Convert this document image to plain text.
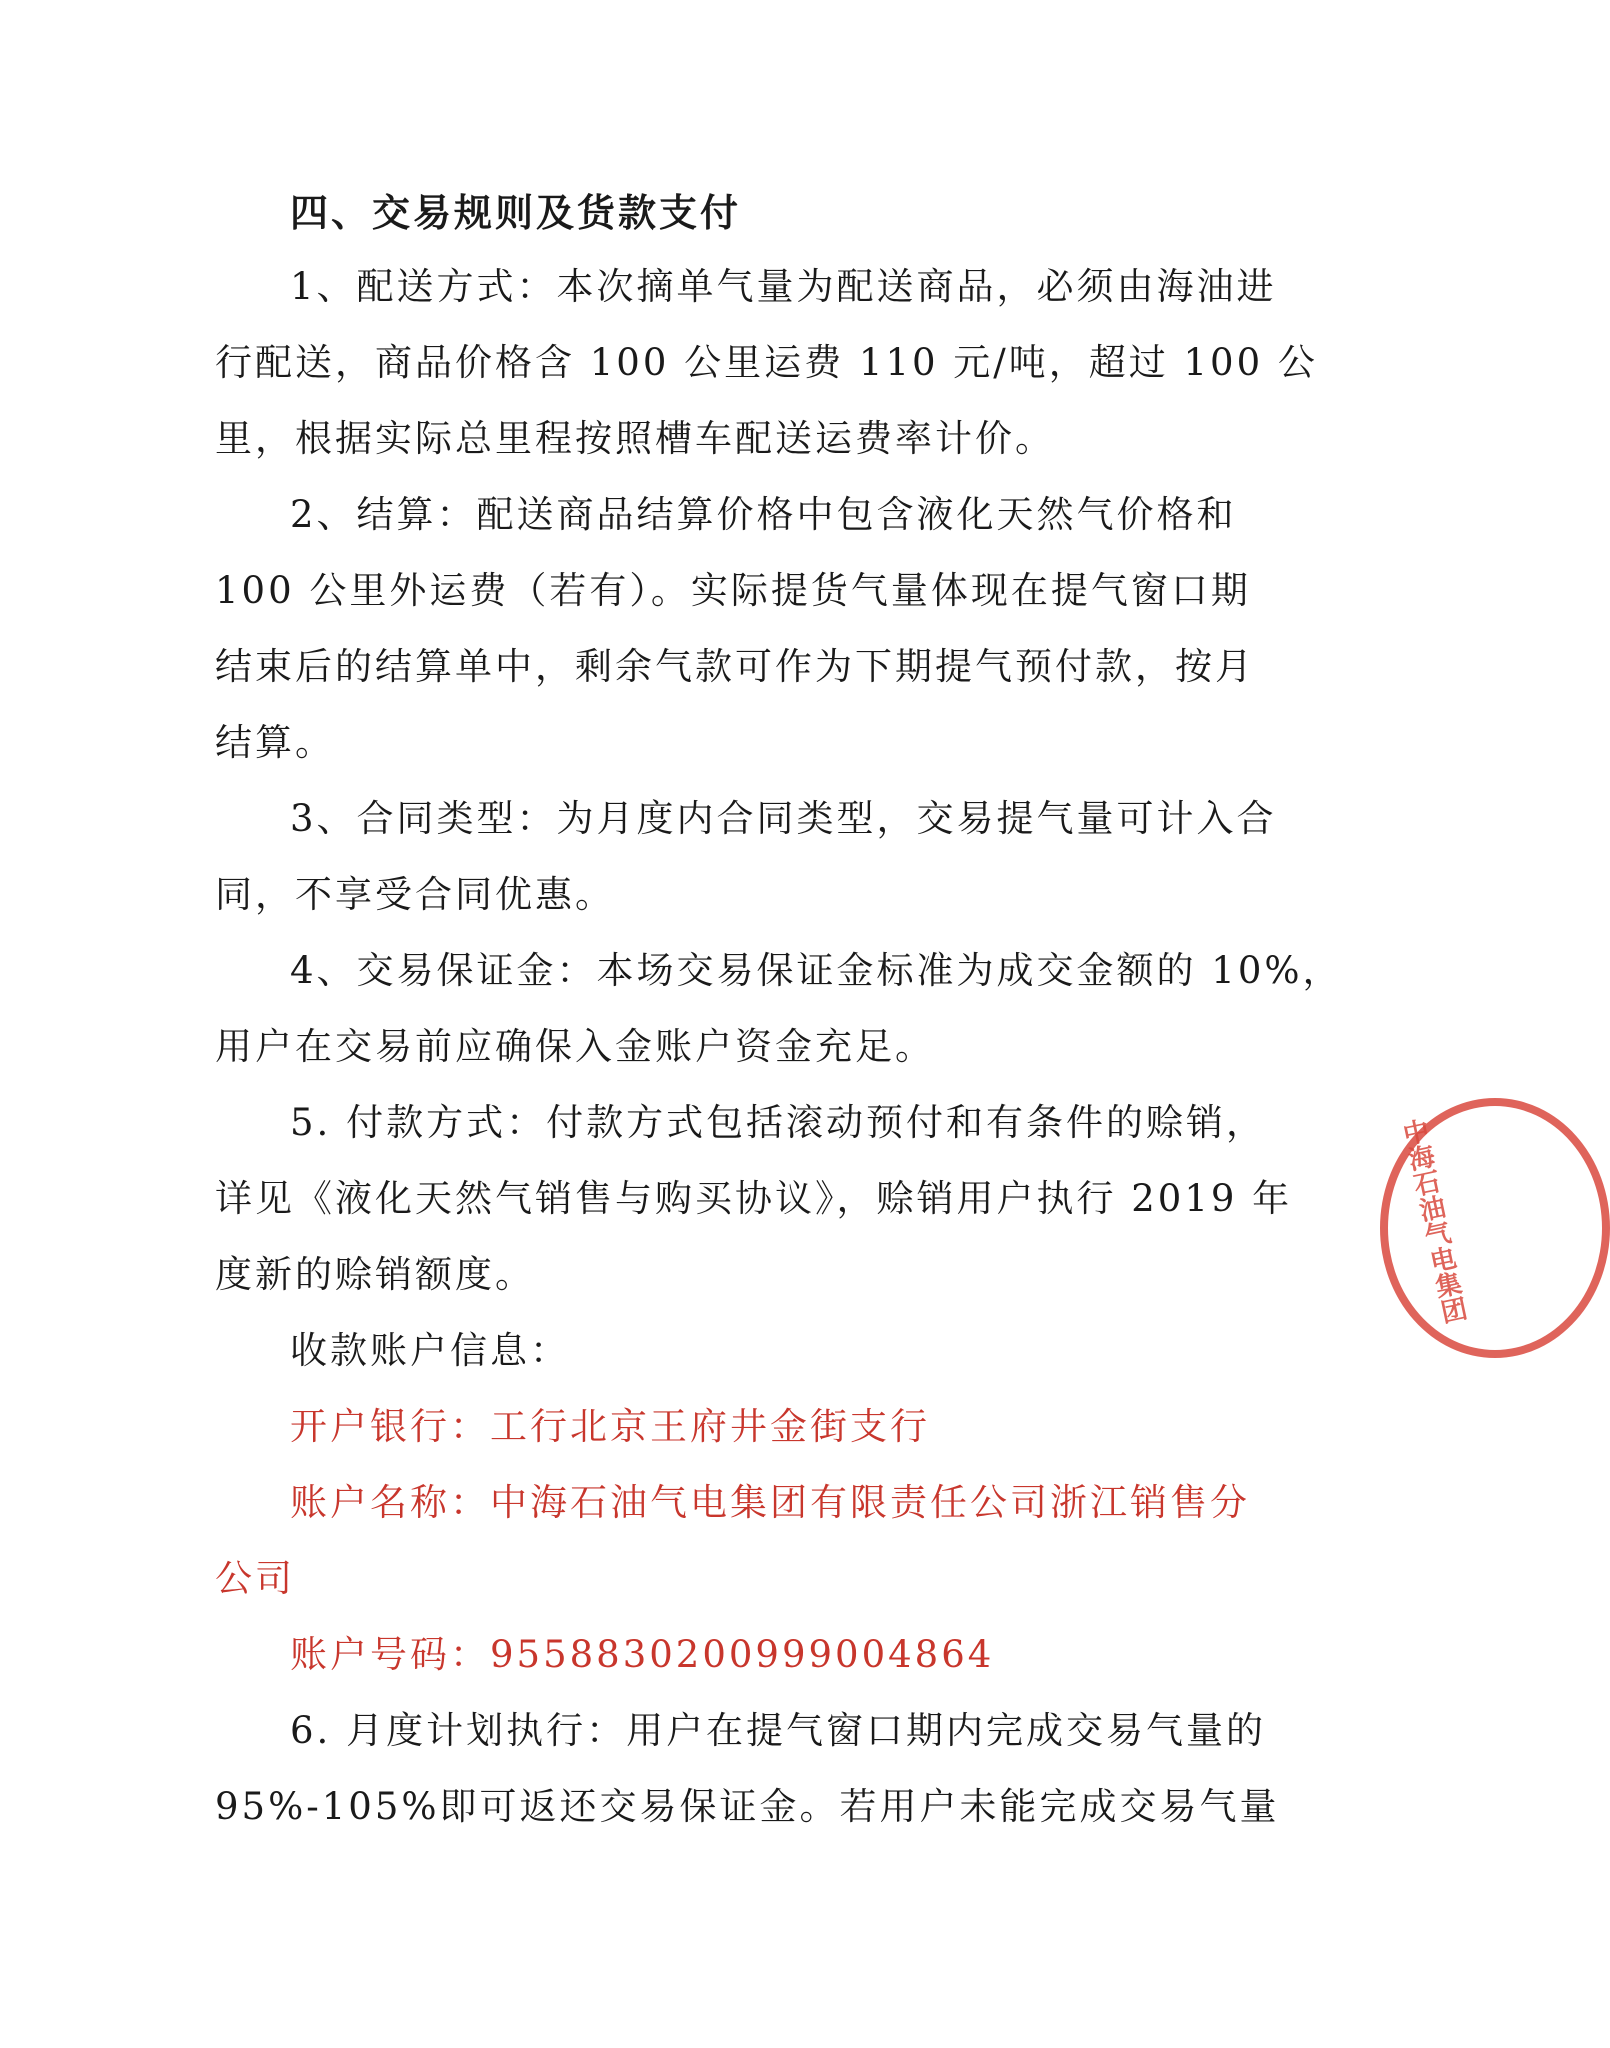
四、交易规则及货款支付
1、配送方式：本次摘单气量为配送商品，必须由海油进
行配送，商品价格含 100 公里运费 110 元/吨，超过 100 公
里，根据实际总里程按照槽车配送运费率计价。
2、结算：配送商品结算价格中包含液化天然气价格和
100 公里外运费（若有）。实际提货气量体现在提气窗口期
结束后的结算单中，剩余气款可作为下期提气预付款，按月
结算。
3、合同类型：为月度内合同类型，交易提气量可计入合
同，不享受合同优惠。
4、交易保证金：本场交易保证金标准为成交金额的 10%，
用户在交易前应确保入金账户资金充足。
5. 付款方式：付款方式包括滚动预付和有条件的赊销，
详见《液化天然气销售与购买协议》，赊销用户执行 2019 年
度新的赊销额度。
收款账户信息：
开户银行：工行北京王府井金街支行
账户名称：中海石油气电集团有限责任公司浙江销售分
公司
账户号码：9558830200999004864
6. 月度计划执行：用户在提气窗口期内完成交易气量的
95%-105%即可返还交易保证金。若用户未能完成交易气量
中海石油气电集团
